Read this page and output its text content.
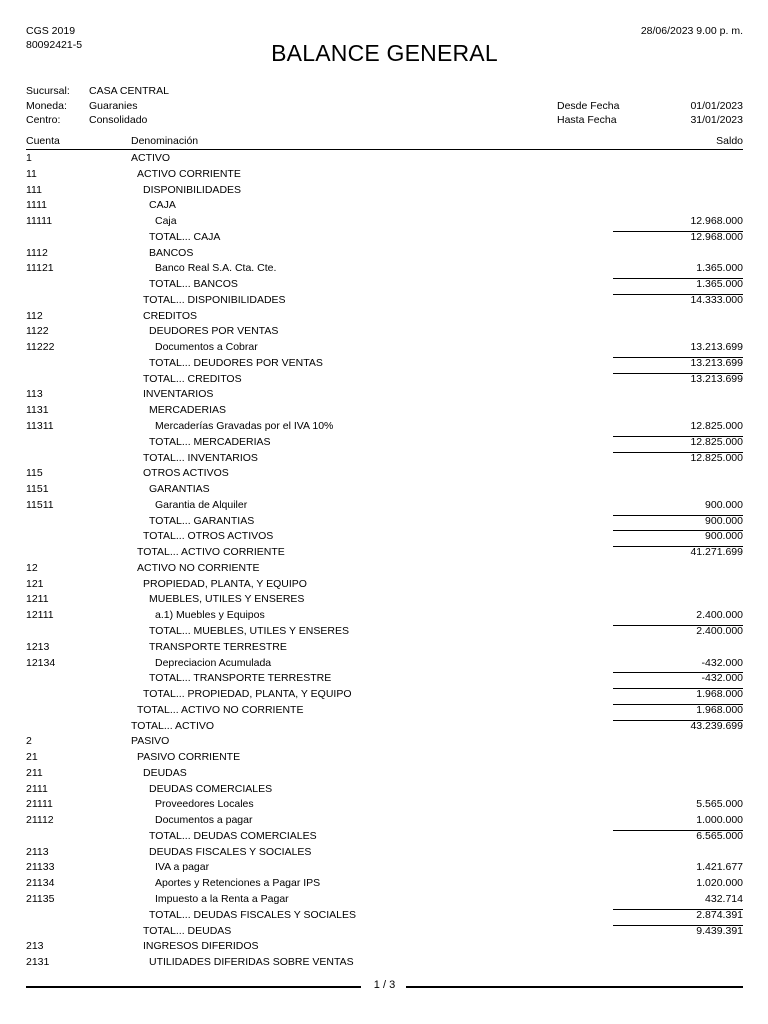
CGS 2019
80092421-5
28/06/2023 9.00 p. m.
BALANCE GENERAL
Sucursal: CASA CENTRAL
Moneda: Guaranies	Desde Fecha	01/01/2023
Centro:	Consolidado	Hasta Fecha	31/01/2023
Cuenta	Denominación	Saldo
1	ACTIVO
11	ACTIVO CORRIENTE
111	DISPONIBILIDADES
1111	CAJA
11111	Caja	12.968.000
TOTAL... CAJA	12.968.000
1112	BANCOS
11121	Banco Real S.A. Cta. Cte.	1.365.000
TOTAL... BANCOS	1.365.000
TOTAL... DISPONIBILIDADES	14.333.000
112	CREDITOS
1122	DEUDORES POR VENTAS
11222	Documentos a Cobrar	13.213.699
TOTAL... DEUDORES POR VENTAS	13.213.699
TOTAL... CREDITOS	13.213.699
113	INVENTARIOS
1131	MERCADERIAS
11311	Mercaderías Gravadas por el IVA 10%	12.825.000
TOTAL... MERCADERIAS	12.825.000
TOTAL... INVENTARIOS	12.825.000
115	OTROS ACTIVOS
1151	GARANTIAS
11511	Garantia de Alquiler	900.000
TOTAL... GARANTIAS	900.000
TOTAL... OTROS ACTIVOS	900.000
TOTAL... ACTIVO CORRIENTE	41.271.699
12	ACTIVO NO CORRIENTE
121	PROPIEDAD, PLANTA, Y EQUIPO
1211	MUEBLES, UTILES Y ENSERES
12111	a.1) Muebles y Equipos	2.400.000
TOTAL... MUEBLES, UTILES Y ENSERES	2.400.000
1213	TRANSPORTE TERRESTRE
12134	Depreciacion Acumulada	-432.000
TOTAL... TRANSPORTE TERRESTRE	-432.000
TOTAL... PROPIEDAD, PLANTA, Y EQUIPO	1.968.000
TOTAL... ACTIVO NO CORRIENTE	1.968.000
TOTAL... ACTIVO	43.239.699
2	PASIVO
21	PASIVO CORRIENTE
211	DEUDAS
2111	DEUDAS COMERCIALES
21111	Proveedores Locales	5.565.000
21112	Documentos a pagar	1.000.000
TOTAL... DEUDAS COMERCIALES	6.565.000
2113	DEUDAS FISCALES Y SOCIALES
21133	IVA a pagar	1.421.677
21134	Aportes y Retenciones a Pagar IPS	1.020.000
21135	Impuesto a la Renta a Pagar	432.714
TOTAL... DEUDAS FISCALES Y SOCIALES	2.874.391
TOTAL... DEUDAS	9.439.391
213	INGRESOS DIFERIDOS
2131	UTILIDADES DIFERIDAS SOBRE VENTAS
1 / 3
